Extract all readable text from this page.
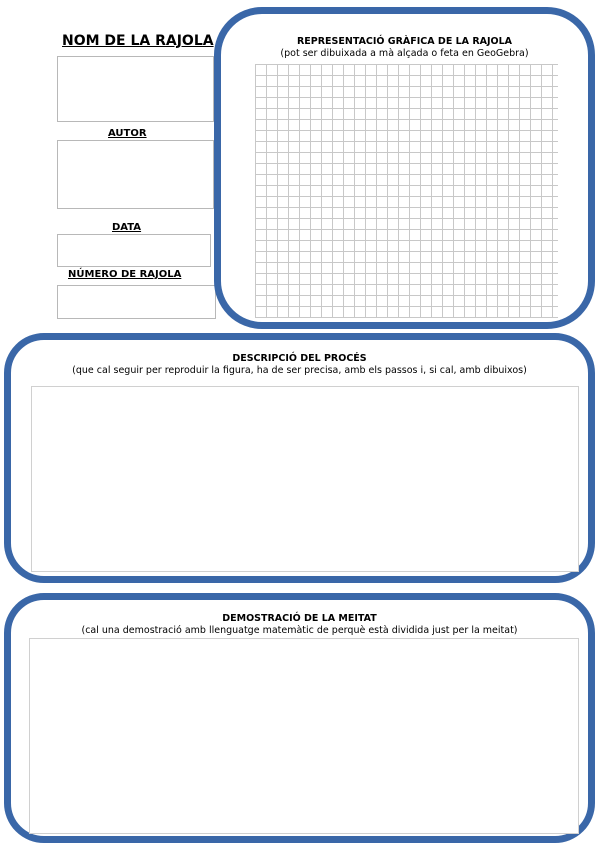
NOM DE LA RAJOLA
AUTOR
DATA
NÚMERO DE RAJOLA
REPRESENTACIÓ GRÀFICA DE LA RAJOLA
(pot ser dibuixada a mà alçada o feta en GeoGebra)
DESCRIPCIÓ DEL PROCÉS
(que cal seguir per reproduir la figura, ha de ser precisa, amb els passos i, si cal, amb dibuixos)
DEMOSTRACIÓ DE LA MEITAT
(cal una demostració amb llenguatge matemàtic de perquè està dividida just per la meitat)
